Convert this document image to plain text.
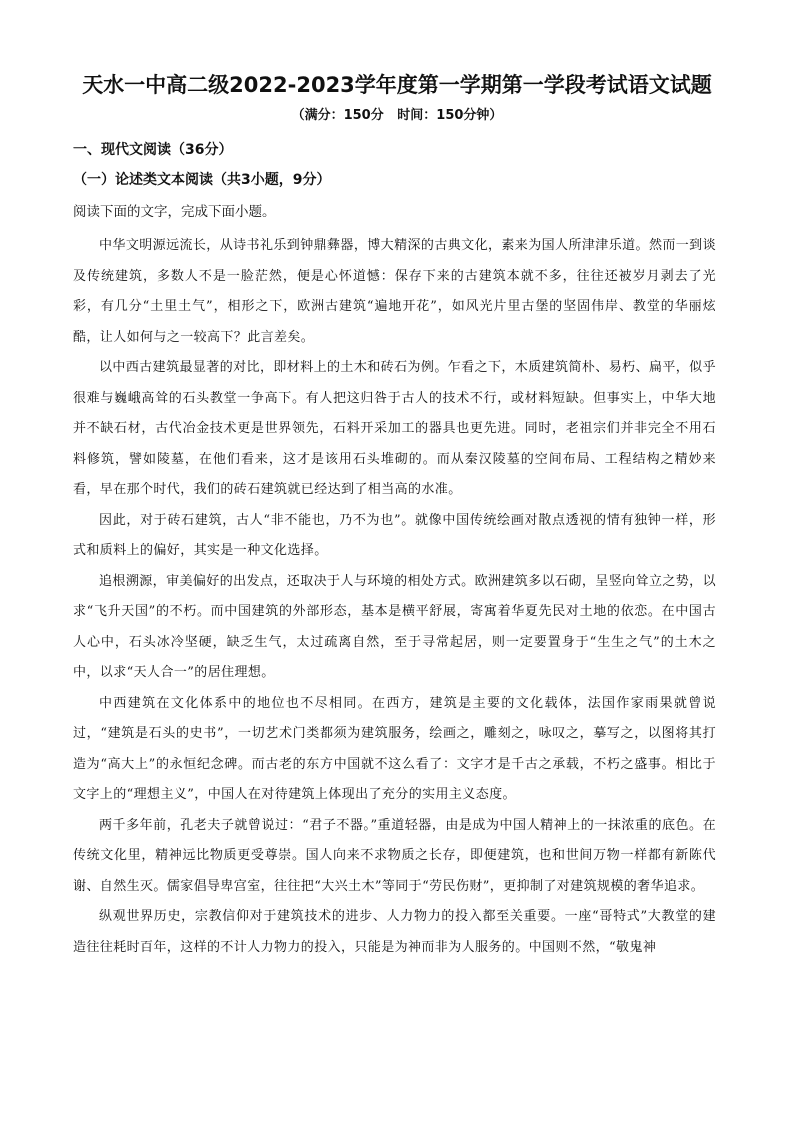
天水一中高二级2022-2023学年度第一学期第一学段考试语文试题
（满分：150分   时间：150分钟）
一、现代文阅读（36分）
（一）论述类文本阅读（共3小题，9分）
阅读下面的文字，完成下面小题。

中华文明源远流长，从诗书礼乐到钟鼎彝器，博大精深的古典文化，素来为国人所津津乐道。然而一到谈及传统建筑，多数人不是一脸茫然，便是心怀道憾：保存下来的古建筑本就不多，往往还被岁月剥去了光彩，有几分“土里土气”，相形之下，欧洲古建筑“遍地开花”，如风光片里古堡的坚固伟岸、教堂的华丽炫酷，让人如何与之一较高下？此言差矣。

以中西古建筑最显著的对比，即材料上的土木和砖石为例。乍看之下，木质建筑简朴、易朽、扁平，似乎很难与巍峨高耸的石头教堂一争高下。有人把这归咎于古人的技术不行，或材料短缺。但事实上，中华大地并不缺石材，古代冶金技术更是世界领先，石料开采加工的器具也更先进。同时，老祖宗们并非完全不用石料修筑，譬如陵墓，在他们看来，这才是该用石头堆砌的。而从秦汉陵墓的空间布局、工程结构之精妙来看，早在那个时代，我们的砖石建筑就已经达到了相当高的水准。

因此，对于砖石建筑，古人“非不能也，乃不为也”。就像中国传统绘画对散点透视的情有独钟一样，形式和质料上的偏好，其实是一种文化选择。

追根溯源，审美偏好的出发点，还取决于人与环境的相处方式。欧洲建筑多以石砌，呈竖向耸立之势，以求“飞升天国”的不朽。而中国建筑的外部形态，基本是横平舒展，寄寓着华夏先民对土地的依恋。在中国古人心中，石头冰冷坚硬，缺乏生气，太过疏离自然，至于寻常起居，则一定要置身于“生生之气”的土木之中，以求“天人合一”的居住理想。

中西建筑在文化体系中的地位也不尽相同。在西方，建筑是主要的文化载体，法国作家雨果就曾说过，“建筑是石头的史书”，一切艺术门类都须为建筑服务，绘画之，雕刻之，咏叹之，摹写之，以图将其打造为“高大上”的永恒纪念碑。而古老的东方中国就不这么看了：文字才是千古之承载，不朽之盛事。相比于文字上的“理想主义”，中国人在对待建筑上体现出了充分的实用主义态度。

两千多年前，孔老夫子就曾说过：“君子不器。”重道轻器，由是成为中国人精神上的一抹浓重的底色。在传统文化里，精神远比物质更受尊崇。国人向来不求物质之长存，即便建筑，也和世间万物一样都有新陈代谢、自然生灭。儒家倡导卑宫室，往往把“大兴土木”等同于“劳民伤财”，更抑制了对建筑规模的奢华追求。

纵观世界历史，宗教信仰对于建筑技术的进步、人力物力的投入都至关重要。一座“哥特式”大教堂的建造往往耗时百年，这样的不计人力物力的投入，只能是为神而非为人服务的。中国则不然，“敬鬼神
